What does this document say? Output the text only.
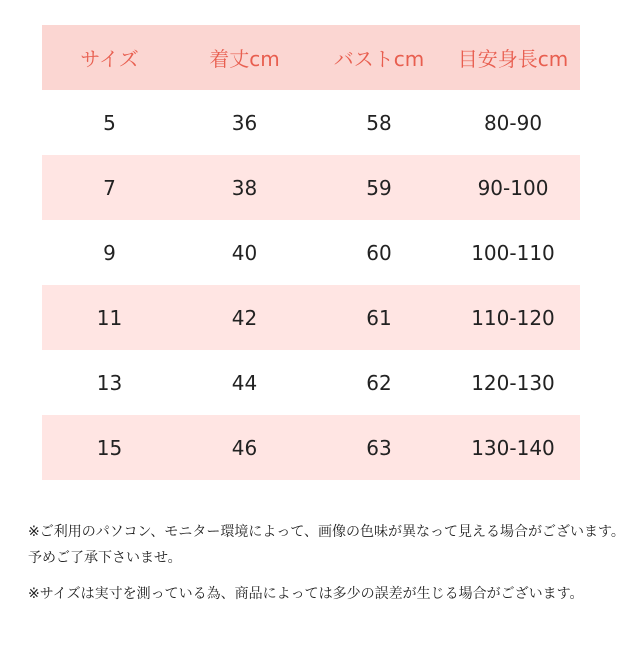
サイズ	着丈cm	バストcm	目安身長cm
5	36	58	80-90
7	38	59	90-100
9	40	60	100-110
11	42	61	110-120
13	44	62	120-130
15	46	63	130-140

※ご利用のパソコン、モニター環境によって、画像の色味が異なって見える場合がございます。予めご了承下さいませ。

※サイズは実寸を測っている為、商品によっては多少の誤差が生じる場合がございます。
